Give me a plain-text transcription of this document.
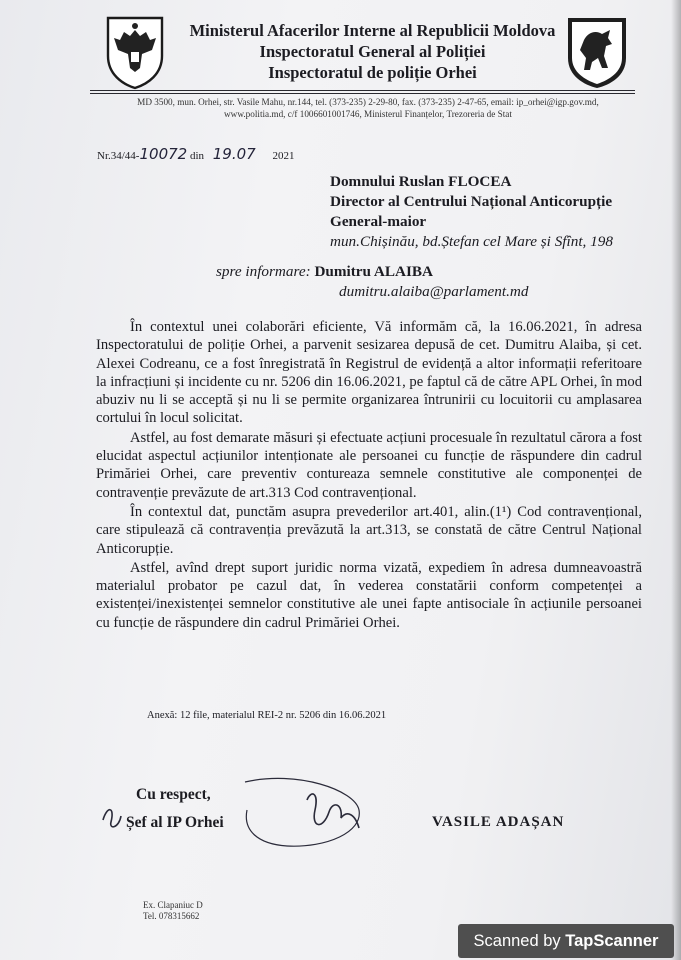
Ministerul Afacerilor Interne al Republicii Moldova
Inspectoratul General al Poliției
Inspectoratul de poliție Orhei
MD 3500, mun. Orhei, str. Vasile Mahu, nr.144, tel. (373-235) 2-29-80, fax. (373-235) 2-47-65, email: ip_orhei@igp.gov.md,
www.politia.md, c/f 1006601001746, Ministerul Finanțelor, Trezoreria de Stat
Nr.34/44-10072 din 19.07 2021
Domnului Ruslan FLOCEA
Director al Centrului Național Anticorupție
General-maior
mun.Chișinău, bd.Ștefan cel Mare și Sfînt, 198
spre informare: Dumitru ALAIBA
dumitru.alaiba@parlament.md

În contextul unei colaborări eficiente, Vă informăm că, la 16.06.2021, în adresa Inspectoratului de poliție Orhei, a parvenit sesizarea depusă de cet. Dumitru Alaiba, și cet. Alexei Codreanu, ce a fost înregistrată în Registrul de evidență a altor informații referitoare la infracțiuni și incidente cu nr. 5206 din 16.06.2021, pe faptul că de către APL Orhei, în mod abuziv nu li se acceptă și nu li se permite organizarea întrunirii cu locuitorii cu amplasarea cortului în locul solicitat.

Astfel, au fost demarate măsuri și efectuate acțiuni procesuale în rezultatul cărora a fost elucidat aspectul acțiunilor intenționate ale persoanei cu funcție de răspundere din cadrul Primăriei Orhei, care preventiv contureaza semnele constitutive ale componenței de contravenție prevăzute de art.313 Cod contravențional.

În contextul dat, punctăm asupra prevederilor art.401, alin.(1¹) Cod contravențional, care stipulează că contravenția prevăzută la art.313, se constată de către Centrul Național Anticorupție.

Astfel, avînd drept suport juridic norma vizată, expediem în adresa dumneavoastră materialul probator pe cazul dat, în vederea constatării conform competenței a existenței/inexistenței semnelor constitutive ale unei fapte antisociale în acțiunile persoanei cu funcție de răspundere din cadrul Primăriei Orhei.

Anexă: 12 file, materialul REI-2 nr. 5206 din 16.06.2021
Cu respect,
Șef al IP Orhei	VASILE ADAȘAN
Ex. Clapaniuc D
Tel. 078315662
Scanned by TapScanner
